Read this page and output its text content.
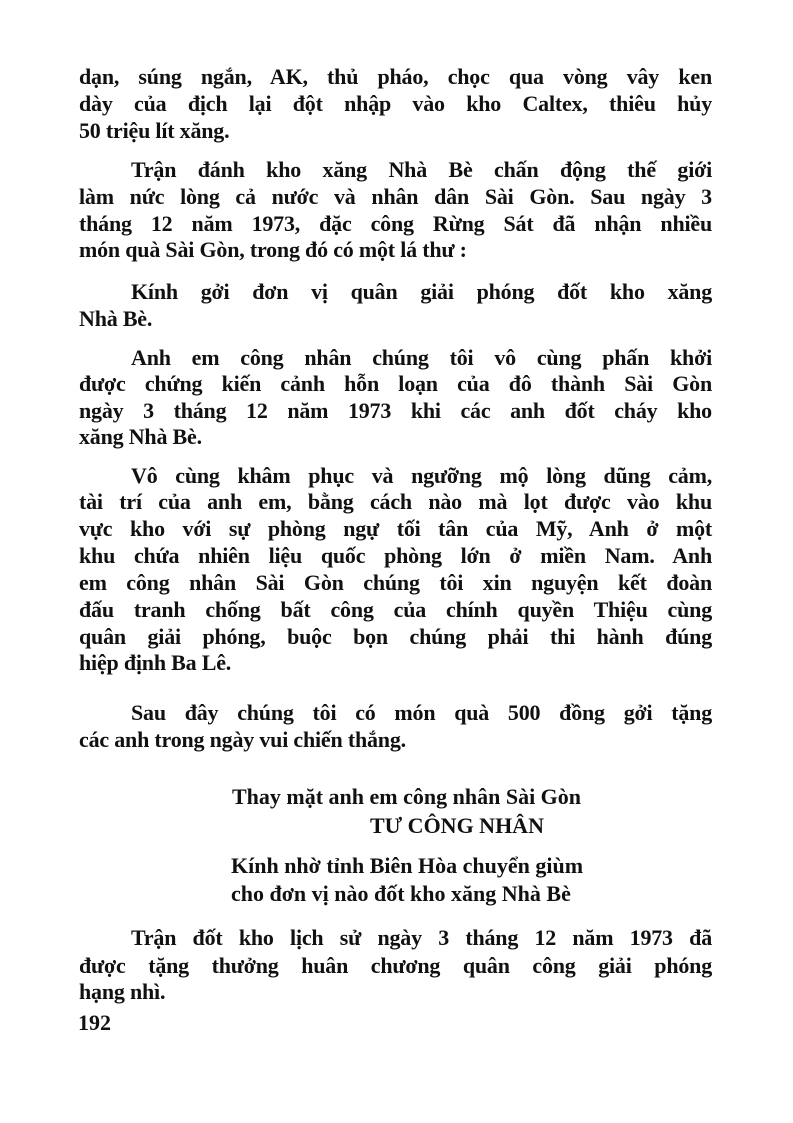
dạn, súng ngắn, AK, thủ pháo, chọc qua vòng vây ken
dày của địch lại đột nhập vào kho Caltex, thiêu hủy
50 triệu lít xăng.
Trận đánh kho xăng Nhà Bè chấn động thế giới
làm nức lòng cả nước và nhân dân Sài Gòn. Sau ngày 3
tháng 12 năm 1973, đặc công Rừng Sát đã nhận nhiều
món quà Sài Gòn, trong đó có một lá thư :
Kính gởi đơn vị quân giải phóng đốt kho xăng
Nhà Bè.
Anh em công nhân chúng tôi vô cùng phấn khởi
được chứng kiến cảnh hỗn loạn của đô thành Sài Gòn
ngày 3 tháng 12 năm 1973 khi các anh đốt cháy kho
xăng Nhà Bè.
Vô cùng khâm phục và ngưỡng mộ lòng dũng cảm,
tài trí của anh em, bằng cách nào mà lọt được vào khu
vực kho với sự phòng ngự tối tân của Mỹ, Anh ở một
khu chứa nhiên liệu quốc phòng lớn ở miền Nam. Anh
em công nhân Sài Gòn chúng tôi xin nguyện kết đoàn
đấu tranh chống bất công của chính quyền Thiệu cùng
quân giải phóng, buộc bọn chúng phải thi hành đúng
hiệp định Ba Lê.
Sau đây chúng tôi có món quà 500 đồng gởi tặng
các anh trong ngày vui chiến thắng.
Thay mặt anh em công nhân Sài Gòn
TƯ CÔNG NHÂN
Kính nhờ tỉnh Biên Hòa chuyển giùm
cho đơn vị nào đốt kho xăng Nhà Bè
Trận đốt kho lịch sử ngày 3 tháng 12 năm 1973 đã
được tặng thưởng huân chương quân công giải phóng
hạng nhì.
192
